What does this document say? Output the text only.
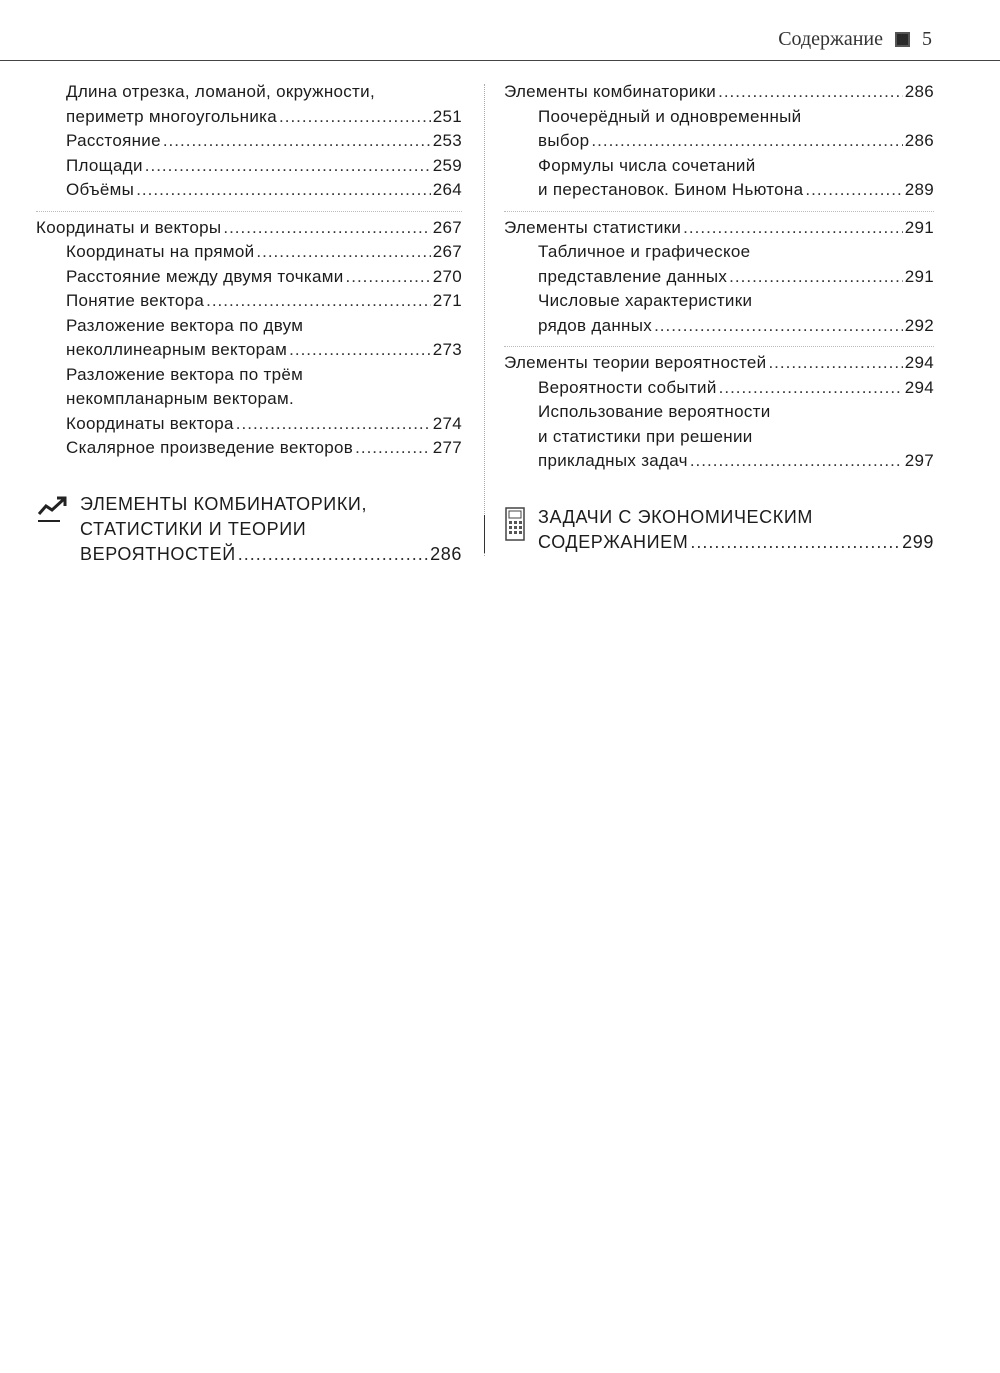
Содержание 5
Длина отрезка, ломаной, окружности,
периметр многоугольника .....	251
Расстояние .....	253
Площади .....	259
Объёмы .....	264
Координаты и векторы .....	267
Координаты на прямой .....	267
Расстояние между двумя точками .....	270
Понятие вектора .....	271
Разложение вектора по двум
неколлинеарным векторам .....	273
Разложение вектора по трём
некомпланарным векторам.
Координаты вектора .....	274
Скалярное произведение векторов .....	277
ЭЛЕМЕНТЫ КОМБИНАТОРИКИ,
СТАТИСТИКИ И ТЕОРИИ
ВЕРОЯТНОСТЕЙ .....	286
Элементы комбинаторики .....	286
Поочерёдный и одновременный
выбор .....	286
Формулы числа сочетаний
и перестановок. Бином Ньютона .....	289
Элементы статистики .....	291
Табличное и графическое
представление данных .....	291
Числовые характеристики
рядов данных .....	292
Элементы теории вероятностей .....	294
Вероятности событий .....	294
Использование вероятности
и статистики при решении
прикладных задач .....	297
ЗАДАЧИ С ЭКОНОМИЧЕСКИМ
СОДЕРЖАНИЕМ .....	299
